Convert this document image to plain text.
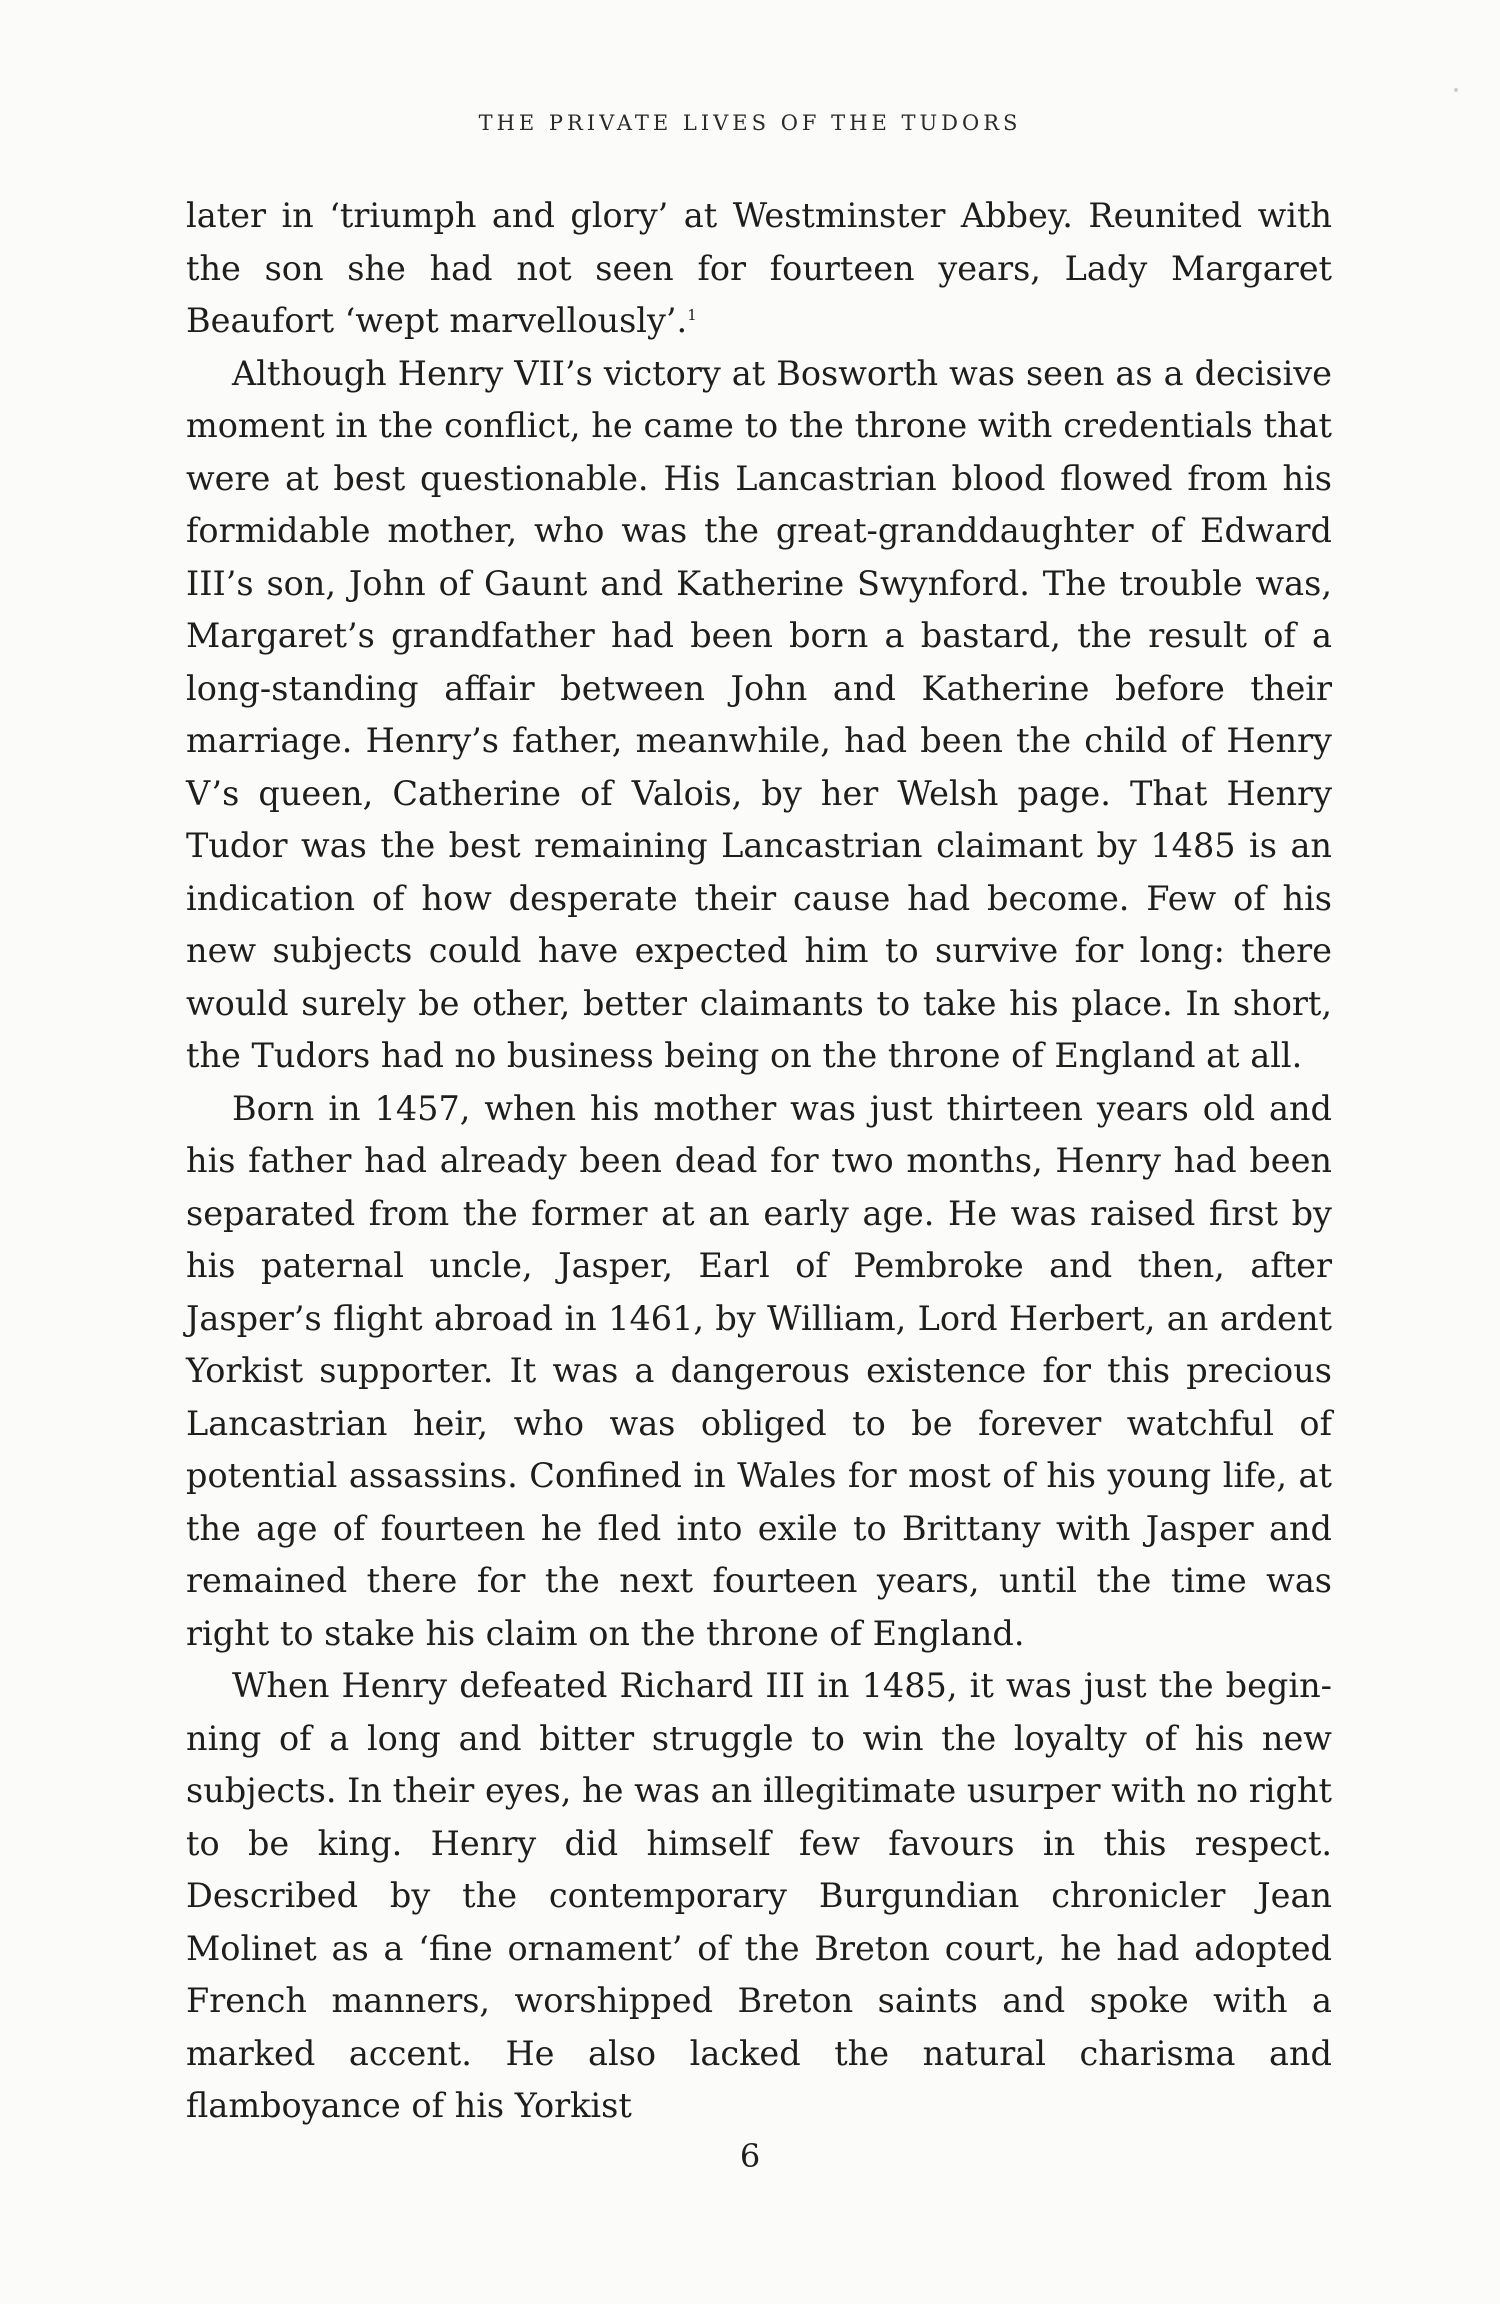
THE PRIVATE LIVES OF THE TUDORS

later in ‘triumph and glory’ at Westminster Abbey. Reunited with the son she had not seen for fourteen years, Lady Margaret Beaufort ‘wept marvellously’.$^1$

Although Henry VII’s victory at Bosworth was seen as a decisive moment in the conflict, he came to the throne with credentials that were at best questionable. His Lancastrian blood flowed from his formidable mother, who was the great-granddaughter of Edward III’s son, John of Gaunt and Katherine Swynford. The trouble was, Margaret’s grandfather had been born a bastard, the result of a long-standing affair between John and Katherine before their marriage. Henry’s father, meanwhile, had been the child of Henry V’s queen, Catherine of Valois, by her Welsh page. That Henry Tudor was the best remaining Lancastrian claimant by 1485 is an indication of how desperate their cause had become. Few of his new subjects could have expected him to survive for long: there would surely be other, better claimants to take his place. In short, the Tudors had no business being on the throne of England at all.

Born in 1457, when his mother was just thirteen years old and his father had already been dead for two months, Henry had been separated from the former at an early age. He was raised first by his paternal uncle, Jasper, Earl of Pembroke and then, after Jasper’s flight abroad in 1461, by William, Lord Herbert, an ardent Yorkist supporter. It was a dangerous existence for this precious Lancastrian heir, who was obliged to be forever watchful of potential assassins. Confined in Wales for most of his young life, at the age of fourteen he fled into exile to Brittany with Jasper and remained there for the next fourteen years, until the time was right to stake his claim on the throne of England.

When Henry defeated Richard III in 1485, it was just the beginning of a long and bitter struggle to win the loyalty of his new subjects. In their eyes, he was an illegitimate usurper with no right to be king. Henry did himself few favours in this respect. Described by the contemporary Burgundian chronicler Jean Molinet as a ‘fine ornament’ of the Breton court, he had adopted French manners, worshipped Breton saints and spoke with a marked accent. He also lacked the natural charisma and flamboyance of his Yorkist

6
